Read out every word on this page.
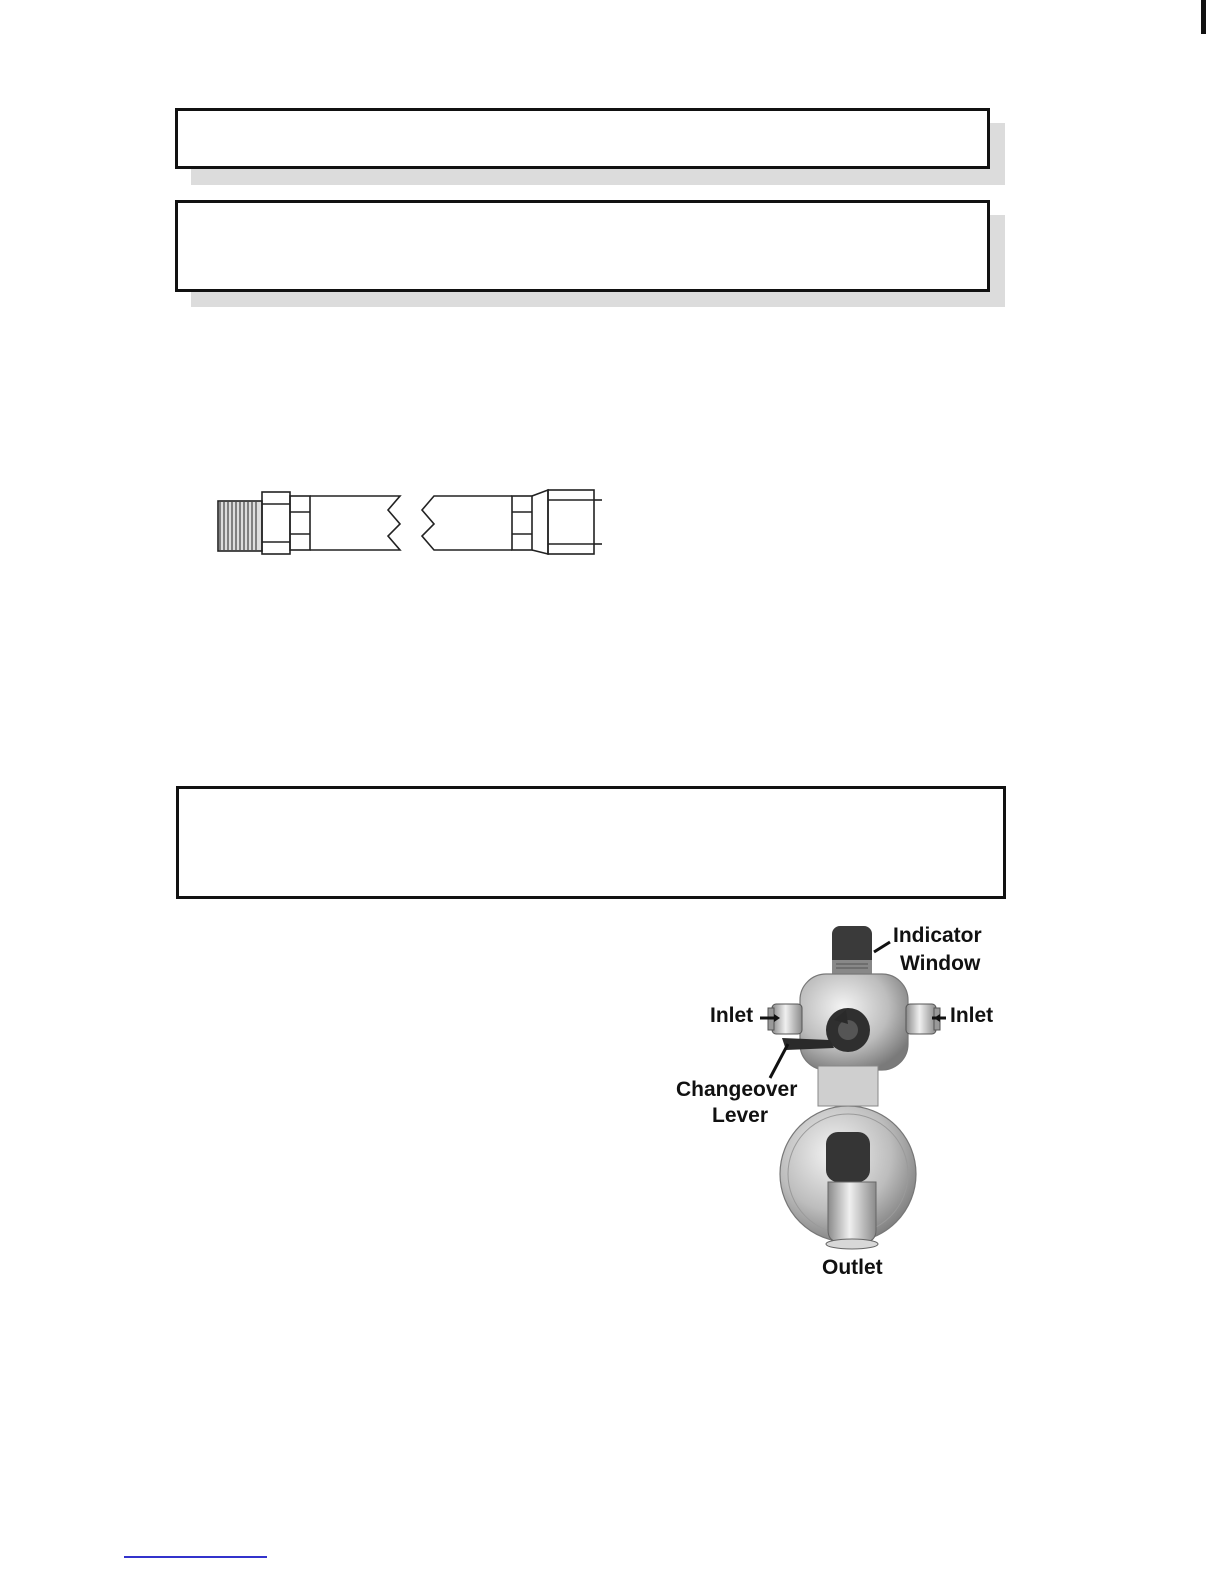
Indicator
Window
Inlet	Inlet
Changeover
Lever
Outlet
